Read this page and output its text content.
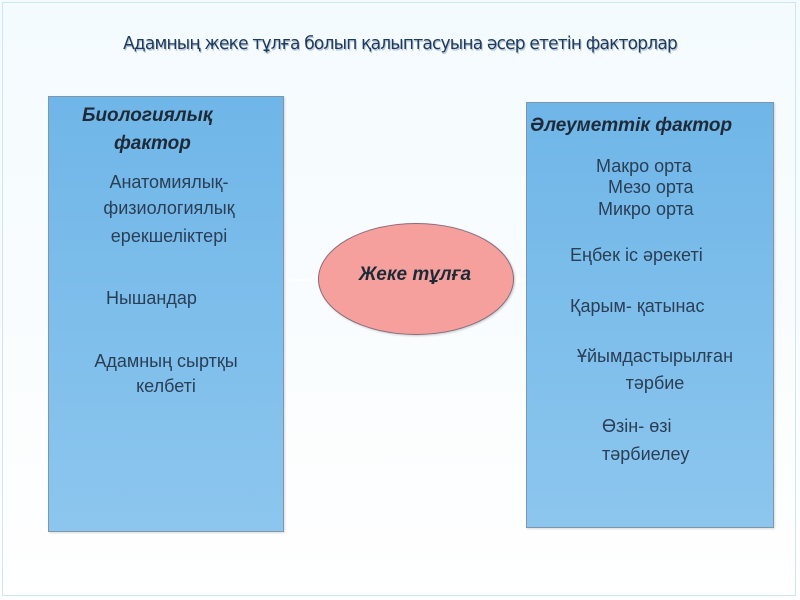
Адамның жеке тұлға болып қалыптасуына әсер ететін факторлар
Биологиялық
фактор
Анатомиялық-
физиологиялық
ерекшеліктері
Нышандар
Адамның сыртқы
келбеті
Әлеуметтік фактор
Макро орта
Мезо орта
Микро орта
Еңбек іс әрекеті
Қарым- қатынас
Ұйымдастырылған
тәрбие
Өзін- өзі
тәрбиелеу
Жеке тұлға
